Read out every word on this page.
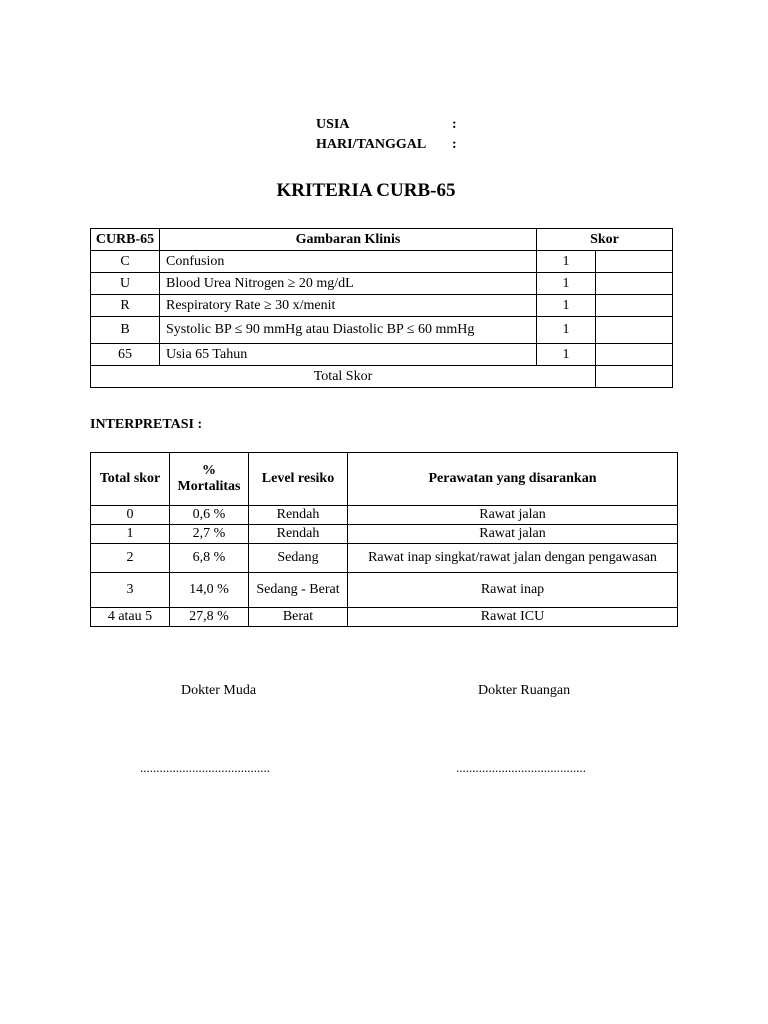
USIA	:
HARI/TANGGAL	:
KRITERIA CURB-65
CURB-65	Gambaran Klinis	Skor	
C	Confusion	1	
U	Blood Urea Nitrogen ≥ 20 mg/dL	1	
R	Respiratory Rate ≥ 30 x/menit	1	
B	Systolic BP ≤ 90 mmHg atau Diastolic BP ≤ 60 mmHg	1	
65	Usia 65 Tahun	1	
Total Skor			
INTERPRETASI :
Total skor	% Mortalitas	Level resiko	Perawatan yang disarankan
0	0,6 %	Rendah	Rawat jalan
1	2,7 %	Rendah	Rawat jalan
2	6,8 %	Sedang	Rawat inap singkat/rawat jalan dengan pengawasan
3	14,0 %	Sedang - Berat	Rawat inap
4 atau 5	27,8 %	Berat	Rawat ICU
Dokter Muda	Dokter Ruangan
........................................	........................................
